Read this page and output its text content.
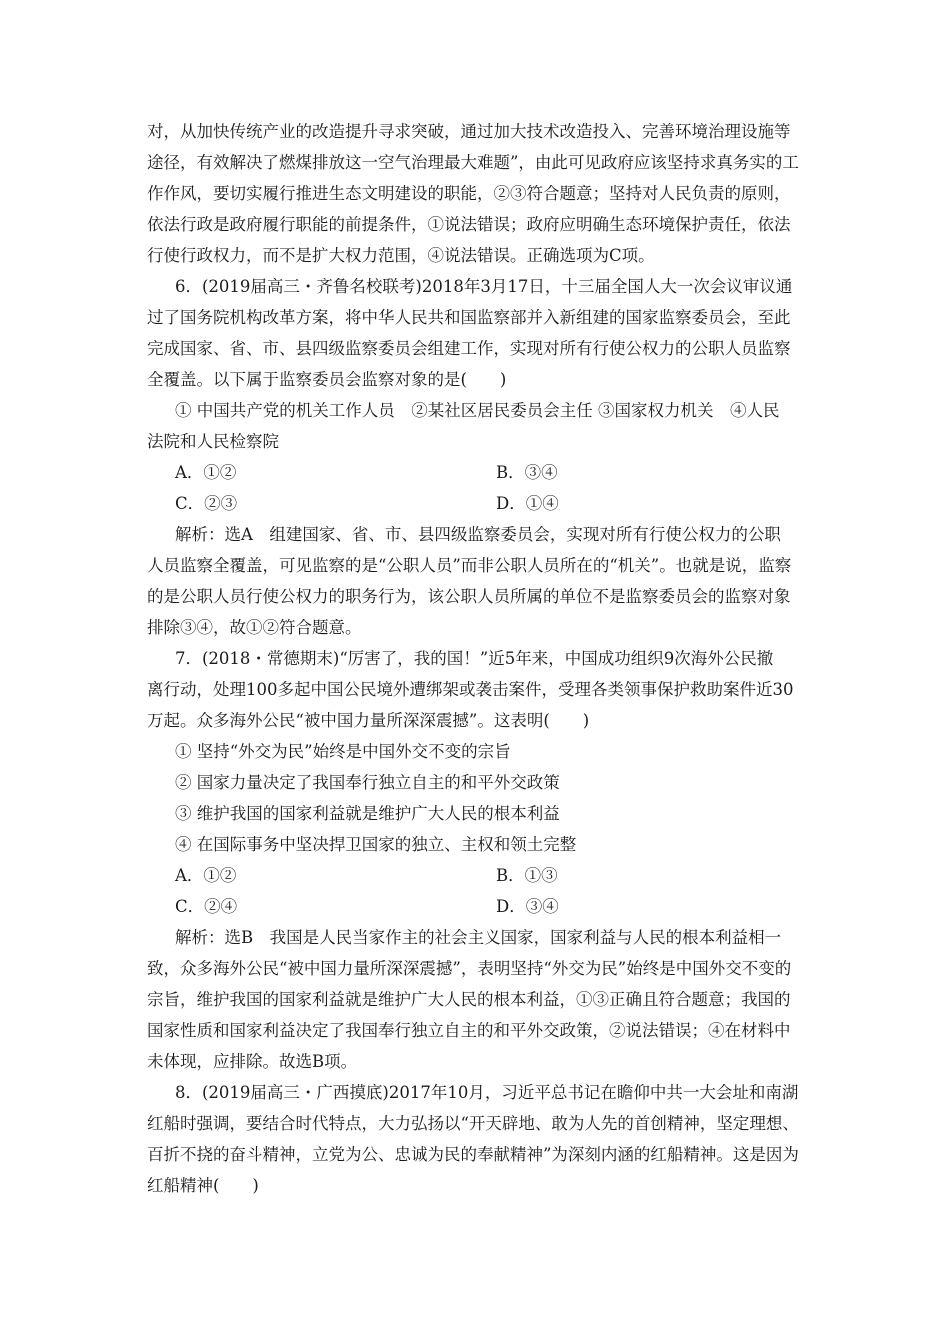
对，从加快传统产业的改造提升寻求突破，通过加大技术改造投入、完善环境治理设施等
途径，有效解决了燃煤排放这一空气治理最大难题”，由此可见政府应该坚持求真务实的工
作作风，要切实履行推进生态文明建设的职能，②③符合题意；坚持对人民负责的原则，
依法行政是政府履行职能的前提条件，①说法错误；政府应明确生态环境保护责任，依法
行使行政权力，而不是扩大权力范围，④说法错误。正确选项为C项。
6．(2019届高三・齐鲁名校联考)2018年3月17日，十三届全国人大一次会议审议通
过了国务院机构改革方案，将中华人民共和国监察部并入新组建的国家监察委员会，至此
完成国家、省、市、县四级监察委员会组建工作，实现对所有行使公权力的公职人员监察
全覆盖。以下属于监察委员会监察对象的是(　　)
① 中国共产党的机关工作人员　②某社区居民委员会主任 ③国家权力机关　④人民
法院和人民检察院
A．①②	B．③④
C．②③	D．①④
解析：选A　组建国家、省、市、县四级监察委员会，实现对所有行使公权力的公职
人员监察全覆盖，可见监察的是“公职人员”而非公职人员所在的“机关”。也就是说，监察
的是公职人员行使公权力的职务行为，该公职人员所属的单位不是监察委员会的监察对象
排除③④，故①②符合题意。
7．(2018・常德期末)“厉害了，我的国！”近5年来，中国成功组织9次海外公民撤
离行动，处理100多起中国公民境外遭绑架或袭击案件，受理各类领事保护救助案件近30
万起。众多海外公民“被中国力量所深深震撼”。这表明(　　)
① 坚持“外交为民”始终是中国外交不变的宗旨
② 国家力量决定了我国奉行独立自主的和平外交政策
③ 维护我国的国家利益就是维护广大人民的根本利益
④ 在国际事务中坚决捍卫国家的独立、主权和领土完整
A．①②	B．①③
C．②④	D．③④
解析：选B　我国是人民当家作主的社会主义国家，国家利益与人民的根本利益相一
致，众多海外公民“被中国力量所深深震撼”，表明坚持“外交为民”始终是中国外交不变的
宗旨，维护我国的国家利益就是维护广大人民的根本利益，①③正确且符合题意；我国的
国家性质和国家利益决定了我国奉行独立自主的和平外交政策，②说法错误；④在材料中
未体现，应排除。故选B项。
8．(2019届高三・广西摸底)2017年10月，习近平总书记在瞻仰中共一大会址和南湖
红船时强调，要结合时代特点，大力弘扬以“开天辟地、敢为人先的首创精神，坚定理想、
百折不挠的奋斗精神，立党为公、忠诚为民的奉献精神”为深刻内涵的红船精神。这是因为
红船精神(　　)
